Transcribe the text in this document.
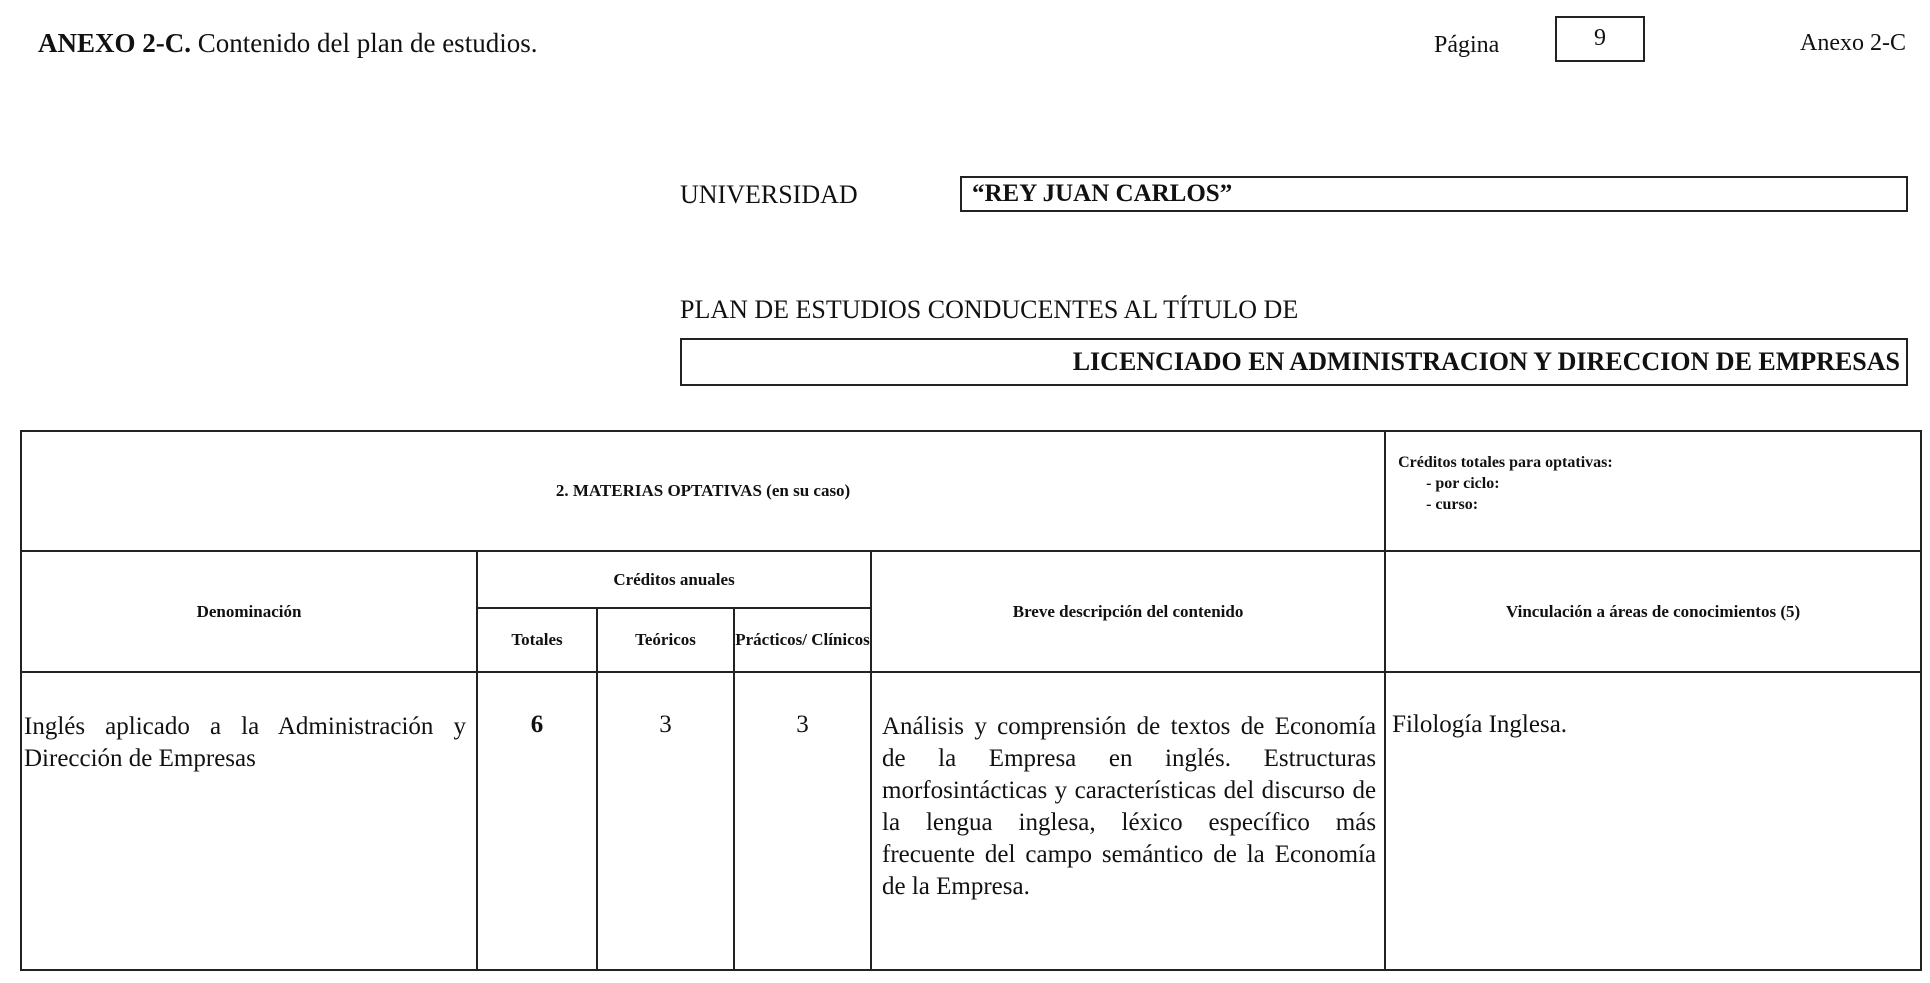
ANEXO 2-C. Contenido del plan de estudios.	Página	9	Anexo 2-C
UNIVERSIDAD	“REY JUAN CARLOS”
PLAN DE ESTUDIOS CONDUCENTES AL TÍTULO DE
LICENCIADO EN ADMINISTRACION Y DIRECCION DE EMPRESAS
2. MATERIAS OPTATIVAS (en su caso)					Créditos totales para optativas:
- por ciclo:
- curso:

Denominación	Créditos anuales			Breve descripción del contenido	Vinculación a áreas de conocimientos (5)
	Totales	Teóricos	Prácticos/ Clínicos		
Inglés aplicado a la Administración y Dirección de Empresas	6	3	3	Análisis y comprensión de textos de Economía de la Empresa en inglés. Estructuras morfosintácticas y características del discurso de la lengua inglesa, léxico específico más frecuente del campo semántico de la Economía de la Empresa.	Filología Inglesa.
